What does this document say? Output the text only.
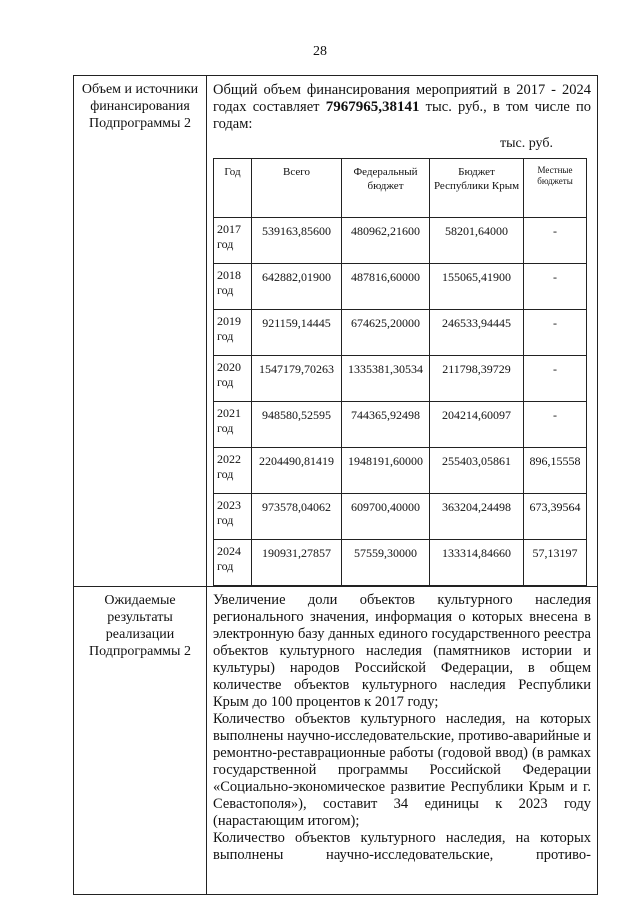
28
Объем и источники финансирования Подпрограммы 2	
Общий объем финансирования мероприятий в 2017 - 2024 годах составляет 7967965,38141 тыс. руб., в том числе по годам:
тыс. руб.
Год	Всего	Федеральный бюджет	Бюджет Республики Крым	Местные бюджеты
2017 год	539163,85600	480962,21600	58201,64000	-
2018 год	642882,01900	487816,60000	155065,41900	-
2019 год	921159,14445	674625,20000	246533,94445	-
2020 год	1547179,70263	1335381,30534	211798,39729	-
2021 год	948580,52595	744365,92498	204214,60097	-
2022 год	2204490,81419	1948191,60000	255403,05861	896,15558
2023 год	973578,04062	609700,40000	363204,24498	673,39564
2024 год	190931,27857	57559,30000	133314,84660	57,13197

Ожидаемые результаты реализации Подпрограммы 2	

Увеличение доли объектов культурного наследия регионального значения, информация о которых внесена в электронную базу данных единого государственного реестра объектов культурного наследия (памятников истории и культуры) народов Российской Федерации, в общем количестве объектов культурного наследия Республики Крым до 100 процентов к 2017 году;

Количество объектов культурного наследия, на которых выполнены научно-исследовательские, противо-аварийные и ремонтно-реставрационные работы (годовой ввод) (в рамках государственной программы Российской Федерации «Социально-экономическое развитие Республики Крым и г. Севастополя»), составит 34 единицы к 2023 году (нарастающим итогом);

Количество объектов культурного наследия, на которых выполнены научно-исследовательские, противо-
